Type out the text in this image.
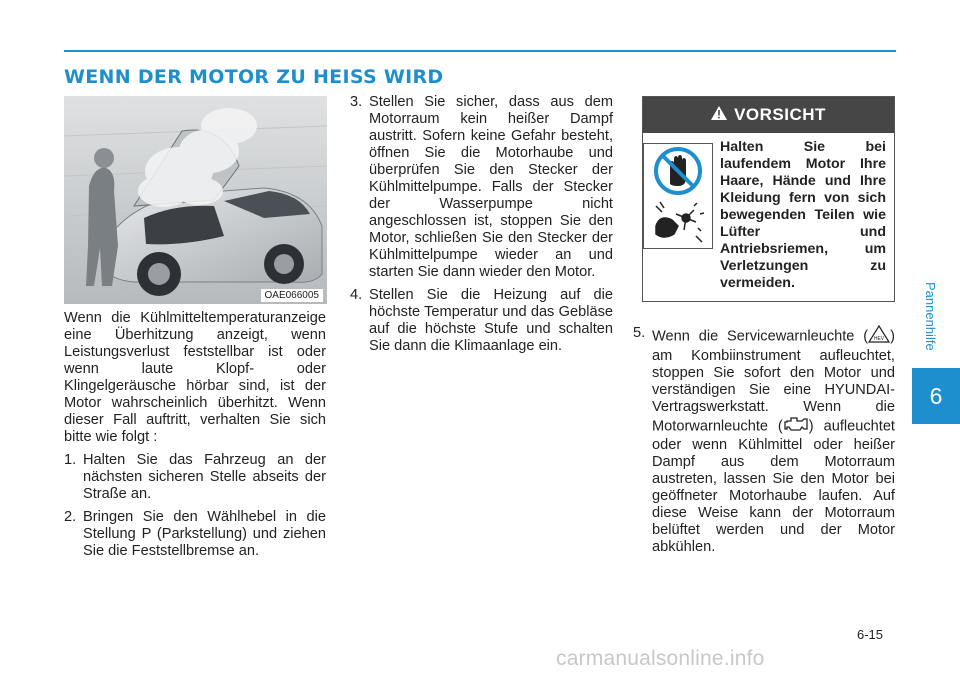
WENN DER MOTOR ZU HEISS WIRD
OAE066005

Wenn die Kühlmitteltemperaturanzeige eine Überhitzung anzeigt, wenn Leistungsverlust feststellbar ist oder wenn laute Klopf- oder Klingelgeräusche hörbar sind, ist der Motor wahrscheinlich überhitzt. Wenn dieser Fall auftritt, verhalten Sie sich bitte wie folgt :

1. Halten Sie das Fahrzeug an der nächsten sicheren Stelle abseits der Straße an.
2. Bringen Sie den Wählhebel in die Stellung P (Parkstellung) und ziehen Sie die Feststellbremse an.
3. Stellen Sie sicher, dass aus dem Motorraum kein heißer Dampf austritt. Sofern keine Gefahr besteht, öffnen Sie die Motorhaube und überprüfen Sie den Stecker der Kühlmittelpumpe. Falls der Stecker der Wasserpumpe nicht angeschlossen ist, stoppen Sie den Motor, schließen Sie den Stecker der Kühlmittelpumpe wieder an und starten Sie dann wieder den Motor.
4. Stellen Sie die Heizung auf die höchste Temperatur und das Gebläse auf die höchste Stufe und schalten Sie dann die Klimaanlage ein.
VORSICHT

Halten Sie bei laufendem Motor Ihre Haare, Hände und Ihre Kleidung fern von sich bewegenden Teilen wie Lüfter und Antriebsriemen, um Verletzungen zu vermeiden.

5. Wenn die Servicewarnleuchte ( HEV ) am Kombiinstrument aufleuchtet, stoppen Sie sofort den Motor und verständigen Sie eine HYUNDAI-Vertragswerkstatt. Wenn die Motorwarnleuchte ( ) aufleuchtet oder wenn Kühlmittel oder heißer Dampf aus dem Motorraum austreten, lassen Sie den Motor bei geöffneter Motorhaube laufen. Auf diese Weise kann der Motorraum belüftet werden und der Motor abkühlen.
Pannenhilfe
6
6-15
carmanualsonline.info
